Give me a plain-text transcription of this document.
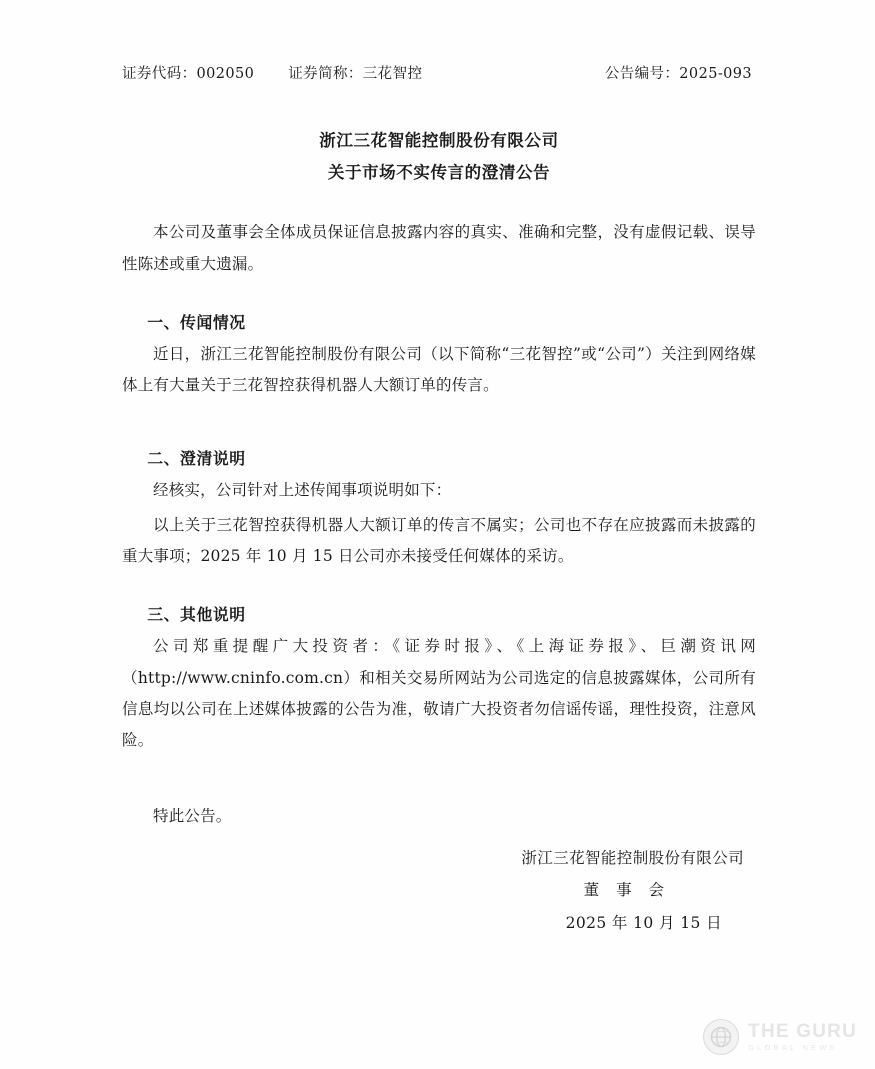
证券代码：002050 证券简称：三花智控	公告编号：2025-093
浙江三花智能控制股份有限公司
关于市场不实传言的澄清公告

本公司及董事会全体成员保证信息披露内容的真实、准确和完整，没有虚假记载、误导性陈述或重大遗漏。

一、传闻情况

近日，浙江三花智能控制股份有限公司（以下简称“三花智控”或“公司”）关注到网络媒体上有大量关于三花智控获得机器人大额订单的传言。

二、澄清说明

经核实，公司针对上述传闻事项说明如下：

以上关于三花智控获得机器人大额订单的传言不属实；公司也不存在应披露而未披露的重大事项；2025 年 10 月 15 日公司亦未接受任何媒体的采访。

三、其他说明

公司郑重提醒广大投资者：《证券时报》、《上海证券报》、巨潮资讯网（http://www.cninfo.com.cn）和相关交易所网站为公司选定的信息披露媒体，公司所有信息均以公司在上述媒体披露的公告为准，敬请广大投资者勿信谣传谣，理性投资，注意风险。

特此公告。

浙江三花智能控制股份有限公司
董 事 会
2025 年 10 月 15 日
THE GURU
GLOBAL NEWS
